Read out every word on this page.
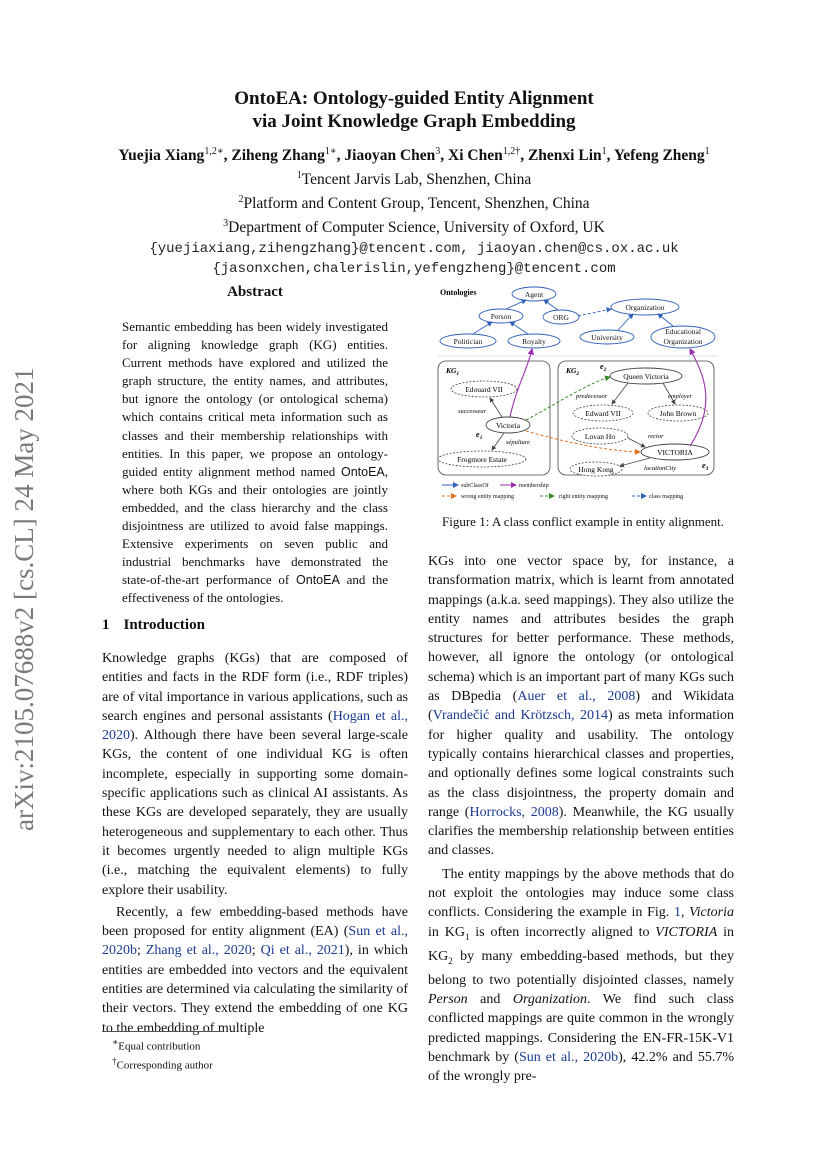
arXiv:2105.07688v2 [cs.CL] 24 May 2021
OntoEA: Ontology-guided Entity Alignment
via Joint Knowledge Graph Embedding
Yuejia Xiang$^{1,2∗}$, Ziheng Zhang$^{1∗}$, Jiaoyan Chen$^3$, Xi Chen$^{1,2\dagger}$, Zhenxi Lin$^1$, Yefeng Zheng$^1$
$^1$Tencent Jarvis Lab, Shenzhen, China
$^2$Platform and Content Group, Tencent, Shenzhen, China
$^3$Department of Computer Science, University of Oxford, UK
{yuejiaxiang,zihengzhang}@tencent.com, jiaoyan.chen@cs.ox.ac.uk
{jasonxchen,chalerislin,yefengzheng}@tencent.com
Abstract
Semantic embedding has been widely investigated for aligning knowledge graph (KG) entities. Current methods have explored and utilized the graph structure, the entity names, and attributes, but ignore the ontology (or ontological schema) which contains critical meta information such as classes and their membership relationships with entities. In this paper, we propose an ontology-guided entity alignment method named OntoEA, where both KGs and their ontologies are jointly embedded, and the class hierarchy and the class disjointness are utilized to avoid false mappings. Extensive experiments on seven public and industrial benchmarks have demonstrated the state-of-the-art performance of OntoEA and the effectiveness of the ontologies.
1 Introduction

Knowledge graphs (KGs) that are composed of entities and facts in the RDF form (i.e., RDF triples) are of vital importance in various applications, such as search engines and personal assistants (Hogan et al., 2020). Although there have been several large-scale KGs, the content of one individual KG is often incomplete, especially in supporting some domain-specific applications such as clinical AI assistants. As these KGs are developed separately, they are usually heterogeneous and supplementary to each other. Thus it becomes urgently needed to align multiple KGs (i.e., matching the equivalent elements) to fully explore their usability.

Recently, a few embedding-based methods have been proposed for entity alignment (EA) (Sun et al., 2020b; Zhang et al., 2020; Qi et al., 2021), in which entities are embedded into vectors and the equivalent entities are determined via calculating the similarity of their vectors. They extend the embedding of one KG to the embedding of multiple

∗Equal contribution
†Corresponding author
Ontologies	Agent
Person	ORG
Organization
Politician	Royalty	University
Educational
Organization
$KG_1$	$KG_2$
Edouard VII
Victoria
Frogmore Estate
successeur
sépulture
$e_1$
Queen Victoria
Edward VII	John Brown
Lovan Ho
VICTORIA
Hong Kong
predecessor	employer
rector
locationCity
$e_2$
$e_3$
subClassOf	membership
wrong entity mapping	right entity mapping	class mapping
Figure 1: A class conflict example in entity alignment.

KGs into one vector space by, for instance, a transformation matrix, which is learnt from annotated mappings (a.k.a. seed mappings). They also utilize the entity names and attributes besides the graph structures for better performance. These methods, however, all ignore the ontology (or ontological schema) which is an important part of many KGs such as DBpedia (Auer et al., 2008) and Wikidata (Vrandečić and Krötzsch, 2014) as meta information for higher quality and usability. The ontology typically contains hierarchical classes and properties, and optionally defines some logical constraints such as the class disjointness, the property domain and range (Horrocks, 2008). Meanwhile, the KG usually clarifies the membership relationship between entities and classes.

The entity mappings by the above methods that do not exploit the ontologies may induce some class conflicts. Considering the example in Fig. 1, Victoria in $KG_1$ is often incorrectly aligned to VICTORIA in $KG_2$ by many embedding-based methods, but they belong to two potentially disjointed classes, namely Person and Organization. We find such class conflicted mappings are quite common in the wrongly predicted mappings. Considering the EN-FR-15K-V1 benchmark by (Sun et al., 2020b), 42.2% and 55.7% of the wrongly pre-
